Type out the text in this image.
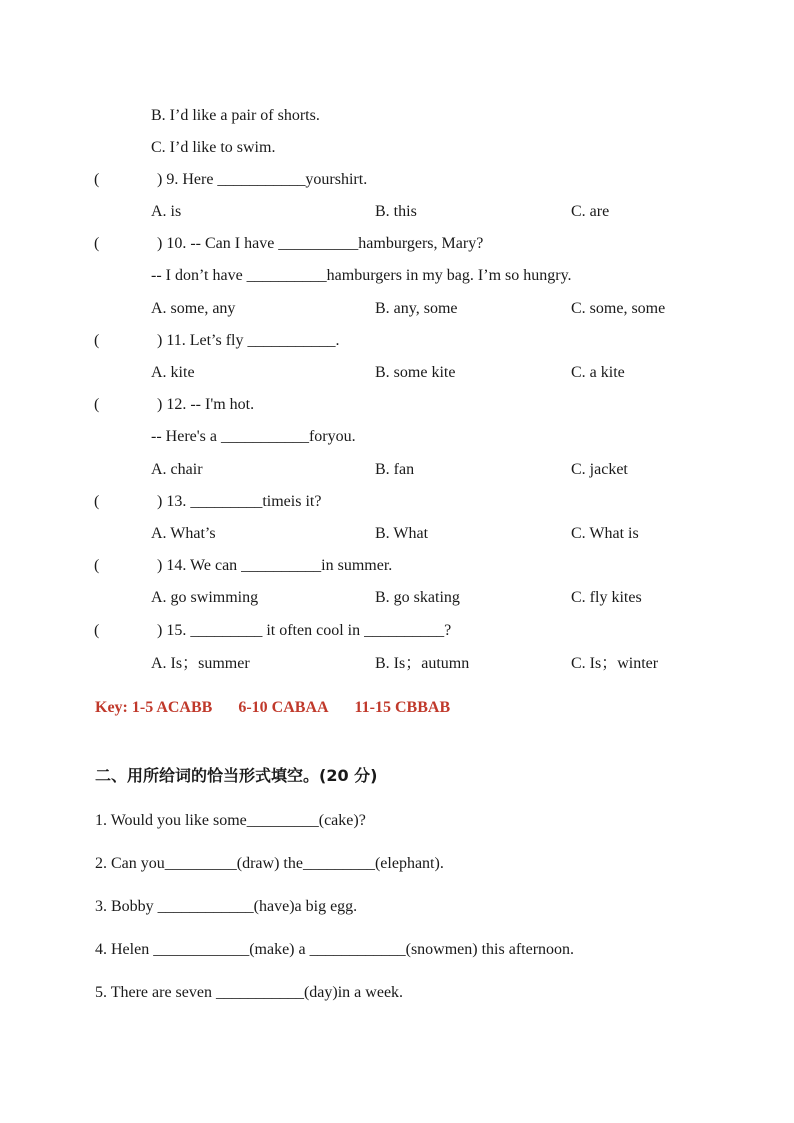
B. I’d like a pair of shorts.
C. I’d like to swim.
(	) 9. Here ___________yourshirt.
A. is	B. this	C. are
(	) 10. -- Can I have __________hamburgers, Mary?
-- I don’t have __________hamburgers in my bag. I’m so hungry.
A. some, any	B. any, some	C. some, some
(	) 11. Let’s fly ___________.
A. kite	B. some kite	C. a kite
(	) 12. -- I'm hot.
-- Here's a ___________foryou.
A. chair	B. fan	C. jacket
(	) 13. _________timeis it?
A. What’s	B. What	C. What is
(	) 14. We can __________in summer.
A. go swimming	B. go skating	C. fly kites
(	) 15. _________ it often cool in __________?
A. Is；summer	B. Is；autumn	C. Is；winter
Key: 1-5 ACABB 6-10 CABAA 11-15 CBBAB
二、用所给词的恰当形式填空。(20 分)
1. Would you like some_________(cake)?
2. Can you_________(draw) the_________(elephant).
3. Bobby ____________(have)a big egg.
4. Helen ____________(make) a ____________(snowmen) this afternoon.
5. There are seven ___________(day)in a week.
